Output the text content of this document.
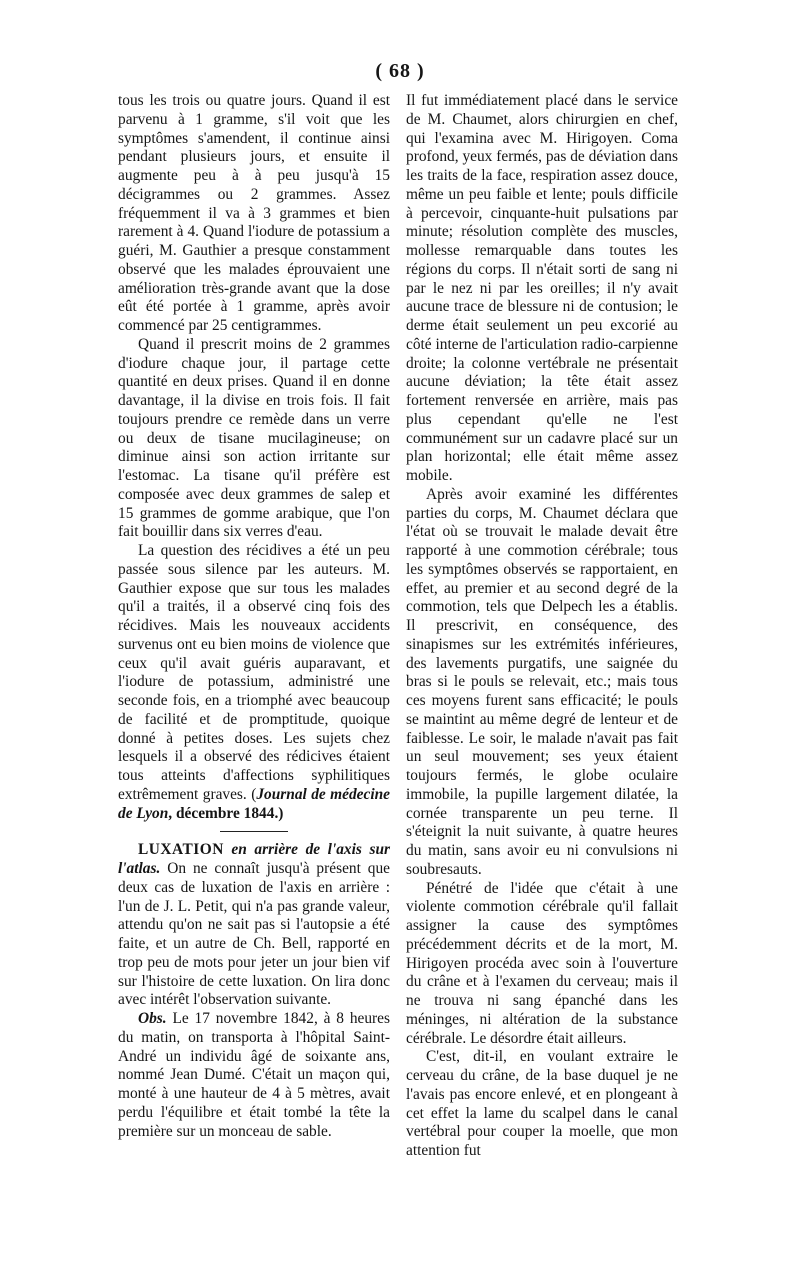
( 68 )

tous les trois ou quatre jours. Quand il est parvenu à 1 gramme, s'il voit que les symptômes s'amendent, il continue ainsi pendant plusieurs jours, et ensuite il augmente peu à à peu jusqu'à 15 décigrammes ou 2 grammes. Assez fréquemment il va à 3 grammes et bien rarement à 4. Quand l'iodure de potassium a guéri, M. Gauthier a presque constamment observé que les malades éprouvaient une amélioration très-grande avant que la dose eût été portée à 1 gramme, après avoir commencé par 25 centigrammes.

Quand il prescrit moins de 2 grammes d'iodure chaque jour, il partage cette quantité en deux prises. Quand il en donne davantage, il la divise en trois fois. Il fait toujours prendre ce remède dans un verre ou deux de tisane mucilagineuse; on diminue ainsi son action irritante sur l'estomac. La tisane qu'il préfère est composée avec deux grammes de salep et 15 grammes de gomme arabique, que l'on fait bouillir dans six verres d'eau.

La question des récidives a été un peu passée sous silence par les auteurs. M. Gauthier expose que sur tous les malades qu'il a traités, il a observé cinq fois des récidives. Mais les nouveaux accidents survenus ont eu bien moins de violence que ceux qu'il avait guéris auparavant, et l'iodure de potassium, administré une seconde fois, en a triomphé avec beaucoup de facilité et de promptitude, quoique donné à petites doses. Les sujets chez lesquels il a observé des rédicives étaient tous atteints d'affections syphilitiques extrêmement graves. (Journal de médecine de Lyon, décembre 1844.)

LUXATION en arrière de l'axis sur l'atlas. On ne connaît jusqu'à présent que deux cas de luxation de l'axis en arrière : l'un de J. L. Petit, qui n'a pas grande valeur, attendu qu'on ne sait pas si l'autopsie a été faite, et un autre de Ch. Bell, rapporté en trop peu de mots pour jeter un jour bien vif sur l'histoire de cette luxation. On lira donc avec intérêt l'observation suivante.

Obs. Le 17 novembre 1842, à 8 heures du matin, on transporta à l'hôpital Saint-André un individu âgé de soixante ans, nommé Jean Dumé. C'était un maçon qui, monté à une hauteur de 4 à 5 mètres, avait perdu l'équilibre et était tombé la tête la première sur un monceau de sable.

Il fut immédiatement placé dans le service de M. Chaumet, alors chirurgien en chef, qui l'examina avec M. Hirigoyen. Coma profond, yeux fermés, pas de déviation dans les traits de la face, respiration assez douce, même un peu faible et lente; pouls difficile à percevoir, cinquante-huit pulsations par minute; résolution complète des muscles, mollesse remarquable dans toutes les régions du corps. Il n'était sorti de sang ni par le nez ni par les oreilles; il n'y avait aucune trace de blessure ni de contusion; le derme était seulement un peu excorié au côté interne de l'articulation radio-carpienne droite; la colonne vertébrale ne présentait aucune déviation; la tête était assez fortement renversée en arrière, mais pas plus cependant qu'elle ne l'est communément sur un cadavre placé sur un plan horizontal; elle était même assez mobile.

Après avoir examiné les différentes parties du corps, M. Chaumet déclara que l'état où se trouvait le malade devait être rapporté à une commotion cérébrale; tous les symptômes observés se rapportaient, en effet, au premier et au second degré de la commotion, tels que Delpech les a établis. Il prescrivit, en conséquence, des sinapismes sur les extrémités inférieures, des lavements purgatifs, une saignée du bras si le pouls se relevait, etc.; mais tous ces moyens furent sans efficacité; le pouls se maintint au même degré de lenteur et de faiblesse. Le soir, le malade n'avait pas fait un seul mouvement; ses yeux étaient toujours fermés, le globe oculaire immobile, la pupille largement dilatée, la cornée transparente un peu terne. Il s'éteignit la nuit suivante, à quatre heures du matin, sans avoir eu ni convulsions ni soubresauts.

Pénétré de l'idée que c'était à une violente commotion cérébrale qu'il fallait assigner la cause des symptômes précédemment décrits et de la mort, M. Hirigoyen procéda avec soin à l'ouverture du crâne et à l'examen du cerveau; mais il ne trouva ni sang épanché dans les méninges, ni altération de la substance cérébrale. Le désordre était ailleurs.

C'est, dit-il, en voulant extraire le cerveau du crâne, de la base duquel je ne l'avais pas encore enlevé, et en plongeant à cet effet la lame du scalpel dans le canal vertébral pour couper la moelle, que mon attention fut
